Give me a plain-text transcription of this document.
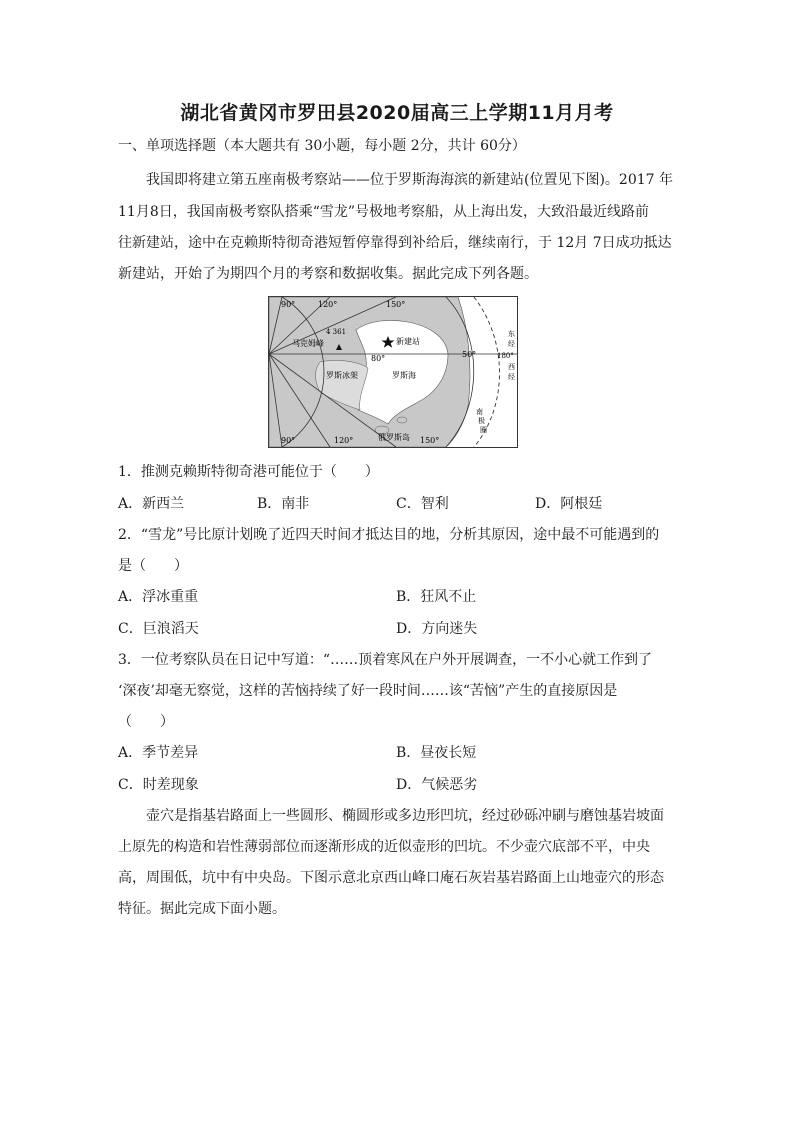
湖北省黄冈市罗田县2020届高三上学期11月月考
一、单项选择题（本大题共有 30小题，每小题 2分，共计 60分）
我国即将建立第五座南极考察站——位于罗斯海海滨的新建站(位置见下图)。2017 年
11月8日，我国南极考察队搭乘“雪龙”号极地考察船，从上海出发，大致沿最近线路前
往新建站，途中在克赖斯特彻奇港短暂停靠得到补给后，继续南行，于 12月 7日成功抵达
新建站，开始了为期四个月的考察和数据收集。据此完成下列各题。
90°	120°	150°
90°	120°	150°
80°	50°
4 361
马克姆峰	新建站
罗斯冰架	罗斯海
俄罗斯岛
东
经
180°
西
经
南
极
圈
1．推测克赖斯特彻奇港可能位于（　　）
A．新西兰	B．南非	C．智利	D．阿根廷
2．“雪龙”号比原计划晚了近四天时间才抵达目的地，分析其原因，途中最不可能遇到的
是（　　）
A．浮冰重重	B．狂风不止
C．巨浪滔天	D．方向迷失
3．一位考察队员在日记中写道：“……顶着寒风在户外开展调查，一不小心就工作到了
‘深夜’却毫无察觉，这样的苦恼持续了好一段时间……该“苦恼”产生的直接原因是
（　　）
A．季节差异	B．昼夜长短
C．时差现象	D．气候恶劣
壶穴是指基岩路面上一些圆形、椭圆形或多边形凹坑，经过砂砾冲刷与磨蚀基岩坡面
上原先的构造和岩性薄弱部位而逐渐形成的近似壶形的凹坑。不少壶穴底部不平，中央
高，周围低，坑中有中央岛。下图示意北京西山峰口庵石灰岩基岩路面上山地壶穴的形态
特征。据此完成下面小题。
